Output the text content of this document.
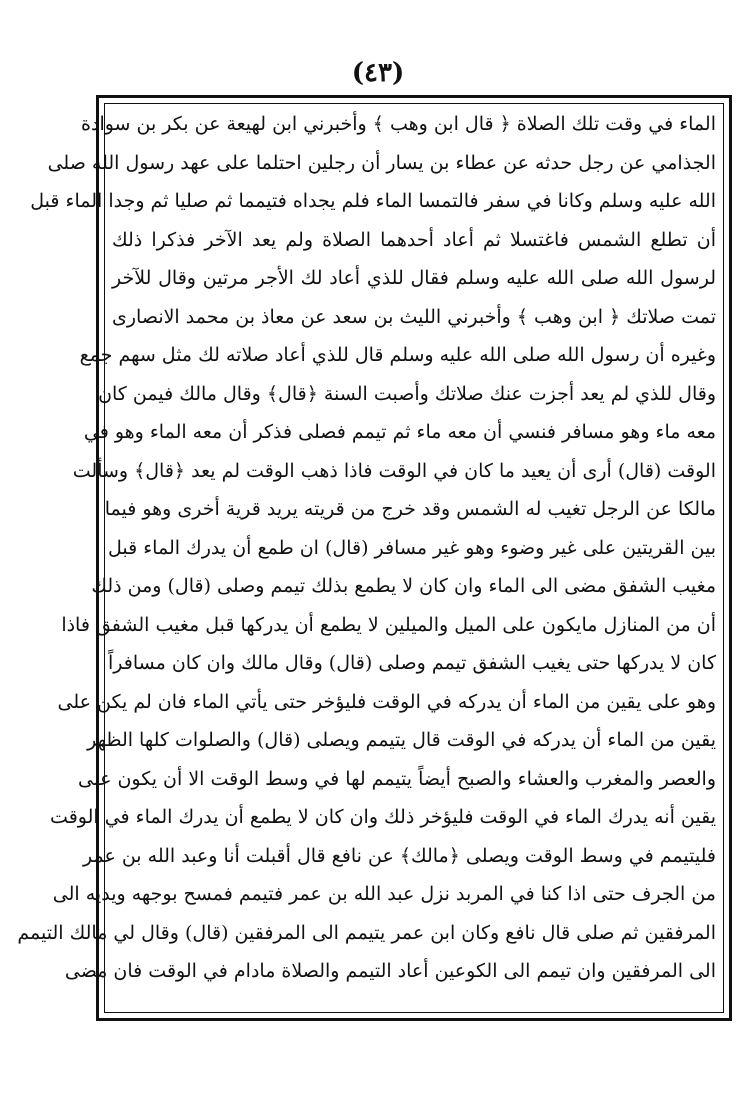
(٤٣)
الماء في وقت تلك الصلاة ﴿ قال ابن وهب ﴾ وأخبرني ابن لهيعة عن بكر بن سوادة
الجذامي عن رجل حدثه عن عطاء بن يسار أن رجلين احتلما على عهد رسول الله صلى
الله عليه وسلم وكانا في سفر فالتمسا الماء فلم يجداه فتيمما ثم صليا ثم وجدا الماء قبل
أن تطلع الشمس فاغتسلا ثم أعاد أحدهما الصلاة ولم يعد الآخر فذكرا ذلك
لرسول الله صلى الله عليه وسلم فقال للذي أعاد لك الأجر مرتين وقال للآخر
تمت صلاتك ﴿ ابن وهب ﴾ وأخبرني الليث بن سعد عن معاذ بن محمد الانصارى
وغيره أن رسول الله صلى الله عليه وسلم قال للذي أعاد صلاته لك مثل سهم جمع
وقال للذي لم يعد أجزت عنك صلاتك وأصبت السنة ﴿قال﴾ وقال مالك فيمن كان
معه ماء وهو مسافر فنسي أن معه ماء ثم تيمم فصلى فذكر أن معه الماء وهو في
الوقت (قال) أرى أن يعيد ما كان في الوقت فاذا ذهب الوقت لم يعد ﴿قال﴾ وسألت
مالكا عن الرجل تغيب له الشمس وقد خرج من قريته يريد قرية أخرى وهو فيما
بين القريتين على غير وضوء وهو غير مسافر (قال) ان طمع أن يدرك الماء قبل
مغيب الشفق مضى الى الماء وان كان لا يطمع بذلك تيمم وصلى (قال) ومن ذلك
أن من المنازل مايكون على الميل والميلين لا يطمع أن يدركها قبل مغيب الشفق فاذا
كان لا يدركها حتى يغيب الشفق تيمم وصلى (قال) وقال مالك وان كان مسافراً
وهو على يقين من الماء أن يدركه في الوقت فليؤخر حتى يأتي الماء فان لم يكن على
يقين من الماء أن يدركه في الوقت قال يتيمم ويصلى (قال) والصلوات كلها الظهر
والعصر والمغرب والعشاء والصبح أيضاً يتيمم لها في وسط الوقت الا أن يكون على
يقين أنه يدرك الماء في الوقت فليؤخر ذلك وان كان لا يطمع أن يدرك الماء في الوقت
فليتيمم في وسط الوقت ويصلى ﴿مالك﴾ عن نافع قال أقبلت أنا وعبد الله بن عمر
من الجرف حتى اذا كنا في المربد نزل عبد الله بن عمر فتيمم فمسح بوجهه ويديه الى
المرفقين ثم صلى قال نافع وكان ابن عمر يتيمم الى المرفقين (قال) وقال لي مالك التيمم
الى المرفقين وان تيمم الى الكوعين أعاد التيمم والصلاة مادام في الوقت فان مضى
